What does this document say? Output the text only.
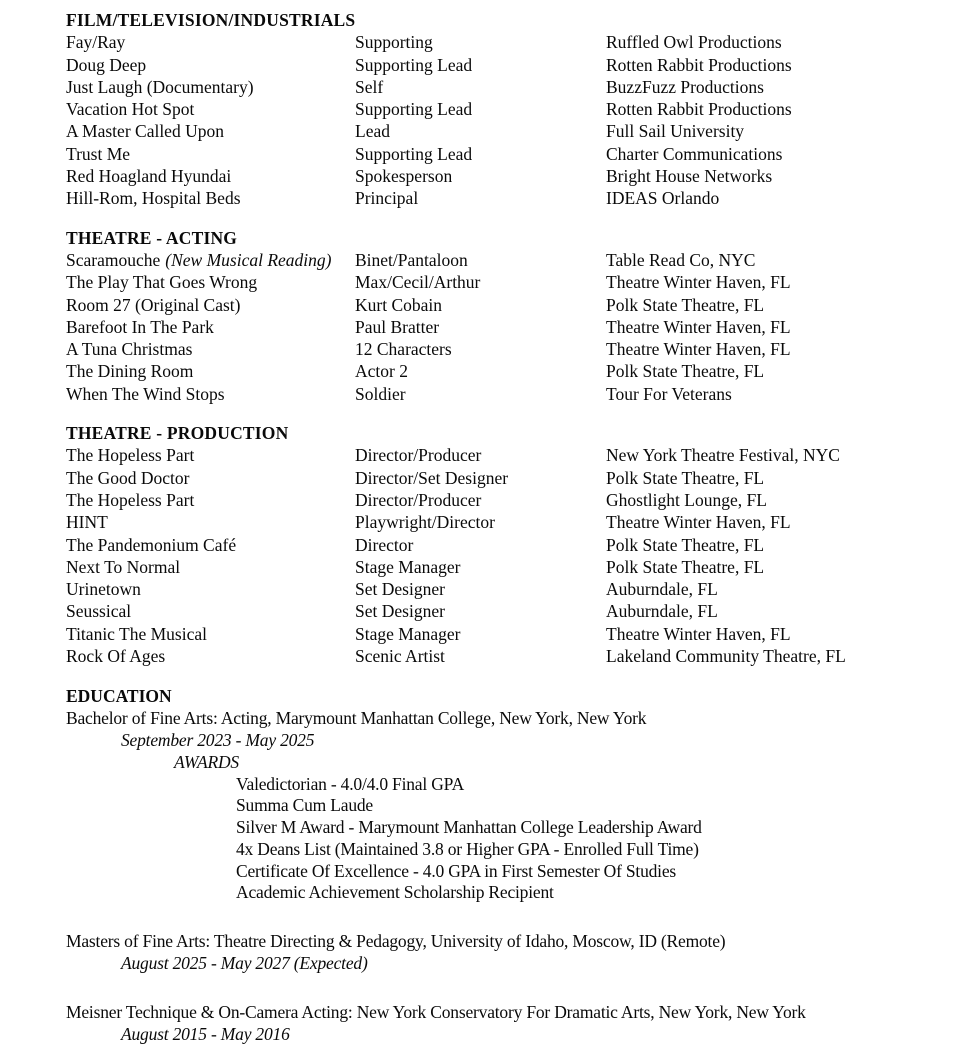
FILM/TELEVISION/INDUSTRIALS
Fay/Ray	Supporting	Ruffled Owl Productions
Doug Deep	Supporting Lead	Rotten Rabbit Productions
Just Laugh (Documentary)	Self	BuzzFuzz Productions
Vacation Hot Spot	Supporting Lead	Rotten Rabbit Productions
A Master Called Upon	Lead	Full Sail University
Trust Me	Supporting Lead	Charter Communications
Red Hoagland Hyundai	Spokesperson	Bright House Networks
Hill-Rom, Hospital Beds	Principal	IDEAS Orlando
THEATRE - ACTING
Scaramouche (New Musical Reading)	Binet/Pantaloon	Table Read Co, NYC
The Play That Goes Wrong	Max/Cecil/Arthur	Theatre Winter Haven, FL
Room 27 (Original Cast)	Kurt Cobain	Polk State Theatre, FL
Barefoot In The Park	Paul Bratter	Theatre Winter Haven, FL
A Tuna Christmas	12 Characters	Theatre Winter Haven, FL
The Dining Room	Actor 2	Polk State Theatre, FL
When The Wind Stops	Soldier	Tour For Veterans
THEATRE - PRODUCTION
The Hopeless Part	Director/Producer	New York Theatre Festival, NYC
The Good Doctor	Director/Set Designer	Polk State Theatre, FL
The Hopeless Part	Director/Producer	Ghostlight Lounge, FL
HINT	Playwright/Director	Theatre Winter Haven, FL
The Pandemonium Café	Director	Polk State Theatre, FL
Next To Normal	Stage Manager	Polk State Theatre, FL
Urinetown	Set Designer	Auburndale, FL
Seussical	Set Designer	Auburndale, FL
Titanic The Musical	Stage Manager	Theatre Winter Haven, FL
Rock Of Ages	Scenic Artist	Lakeland Community Theatre, FL
EDUCATION
Bachelor of Fine Arts: Acting, Marymount Manhattan College, New York, New York
September 2023 - May 2025
AWARDS
Valedictorian - 4.0/4.0 Final GPA
Summa Cum Laude
Silver M Award - Marymount Manhattan College Leadership Award
4x Deans List (Maintained 3.8 or Higher GPA - Enrolled Full Time)
Certificate Of Excellence - 4.0 GPA in First Semester Of Studies
Academic Achievement Scholarship Recipient
Masters of Fine Arts: Theatre Directing & Pedagogy, University of Idaho, Moscow, ID (Remote)
August 2025 - May 2027 (Expected)
Meisner Technique & On-Camera Acting: New York Conservatory For Dramatic Arts, New York, New York
August 2015 - May 2016
